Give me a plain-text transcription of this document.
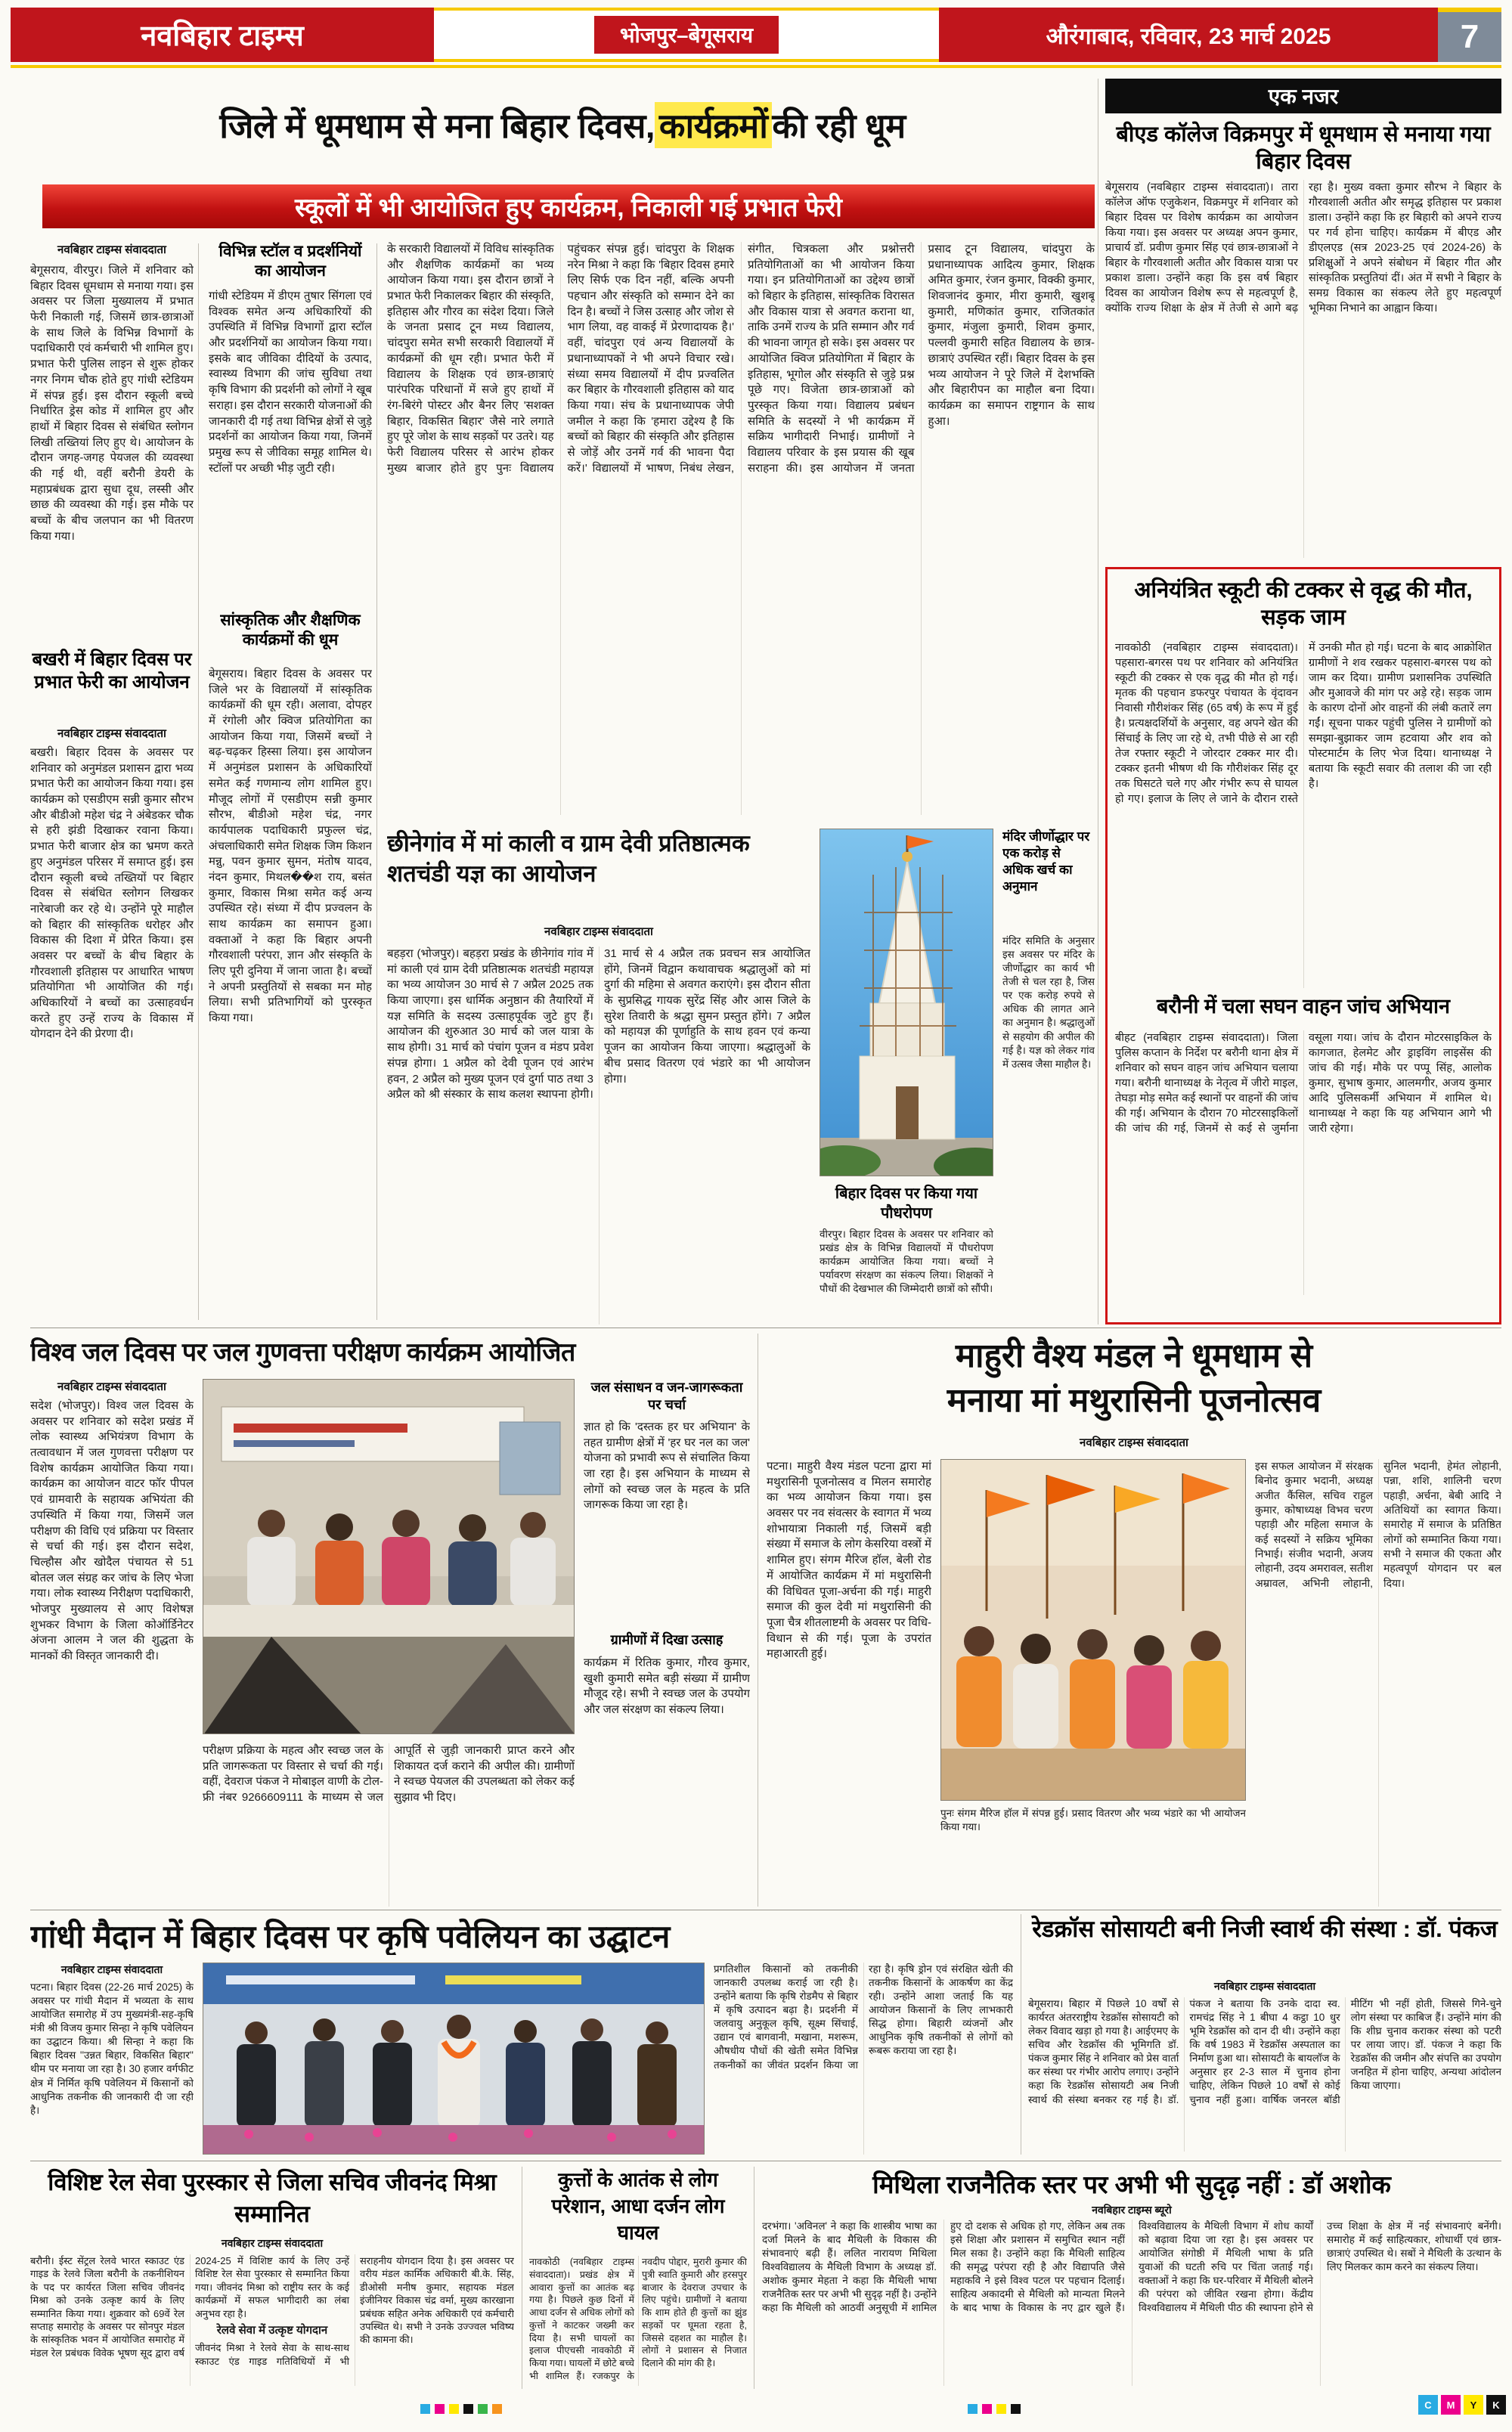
नवबिहार टाइम्स	भोजपुर–बेगूसराय	औरंगाबाद, रविवार, 23 मार्च 2025	7
जिले में धूमधाम से मना बिहार दिवस, कार्यक्रमों की रही धूम
स्कूलों में भी आयोजित हुए कार्यक्रम, निकाली गई प्रभात फेरी
नवबिहार टाइम्स संवाददाता
बेगूसराय, वीरपुर। जिले में शनिवार को बिहार दिवस धूमधाम से मनाया गया। इस अवसर पर जिला मुख्यालय में प्रभात फेरी निकाली गई, जिसमें छात्र-छात्राओं के साथ जिले के विभिन्न विभागों के पदाधिकारी एवं कर्मचारी भी शामिल हुए। प्रभात फेरी पुलिस लाइन से शुरू होकर नगर निगम चौक होते हुए गांधी स्टेडियम में संपन्न हुई। इस दौरान स्कूली बच्चे निर्धारित ड्रेस कोड में शामिल हुए और हाथों में बिहार दिवस से संबंधित स्लोगन लिखी तख्तियां लिए हुए थे। आयोजन के दौरान जगह-जगह पेयजल की व्यवस्था की गई थी, वहीं बरौनी डेयरी के महाप्रबंधक द्वारा सुधा दूध, लस्सी और छाछ की व्यवस्था की गई। इस मौके पर बच्चों के बीच जलपान का भी वितरण किया गया।
बखरी में बिहार दिवस पर प्रभात फेरी का आयोजन
नवबिहार टाइम्स संवाददाता
बखरी। बिहार दिवस के अवसर पर शनिवार को अनुमंडल प्रशासन द्वारा भव्य प्रभात फेरी का आयोजन किया गया। इस कार्यक्रम को एसडीएम सन्नी कुमार सौरभ और बीडीओ महेश चंद्र ने अंबेडकर चौक से हरी झंडी दिखाकर रवाना किया। प्रभात फेरी बाजार क्षेत्र का भ्रमण करते हुए अनुमंडल परिसर में समाप्त हुई। इस दौरान स्कूली बच्चे तख्तियों पर बिहार दिवस से संबंधित स्लोगन लिखकर नारेबाजी कर रहे थे। उन्होंने पूरे माहौल को बिहार की सांस्कृतिक धरोहर और विकास की दिशा में प्रेरित किया। इस अवसर पर बच्चों के बीच बिहार के गौरवशाली इतिहास पर आधारित भाषण प्रतियोगिता भी आयोजित की गई। अधिकारियों ने बच्चों का उत्साहवर्धन करते हुए उन्हें राज्य के विकास में योगदान देने की प्रेरणा दी।
विभिन्न स्टॉल व प्रदर्शनियों का आयोजन
गांधी स्टेडियम में डीएम तुषार सिंगला एवं विश्वक समेत अन्य अधिकारियों की उपस्थिति में विभिन्न विभागों द्वारा स्टॉल और प्रदर्शनियों का आयोजन किया गया। इसके बाद जीविका दीदियों के उत्पाद, स्वास्थ्य विभाग की जांच सुविधा तथा कृषि विभाग की प्रदर्शनी को लोगों ने खूब सराहा। इस दौरान सरकारी योजनाओं की जानकारी दी गई तथा विभिन्न क्षेत्रों से जुड़े प्रदर्शनों का आयोजन किया गया, जिनमें प्रमुख रूप से जीविका समूह शामिल थे। स्टॉलों पर अच्छी भीड़ जुटी रही।
सांस्कृतिक और शैक्षणिक कार्यक्रमों की धूम
बेगूसराय। बिहार दिवस के अवसर पर जिले भर के विद्यालयों में सांस्कृतिक कार्यक्रमों की धूम रही। अलावा, दोपहर में रंगोली और क्विज प्रतियोगिता का आयोजन किया गया, जिसमें बच्चों ने बढ़-चढ़कर हिस्सा लिया। इस आयोजन में अनुमंडल प्रशासन के अधिकारियों समेत कई गणमान्य लोग शामिल हुए। मौजूद लोगों में एसडीएम सन्नी कुमार सौरभ, बीडीओ महेश चंद्र, नगर कार्यपालक पदाधिकारी प्रफुल्ल चंद्र, अंचलाधिकारी समेत शिक्षक जिम किशन मन्नु, पवन कुमार सुमन, मंतोष यादव, नंदन कुमार, मिथल��श राय, बसंत कुमार, विकास मिश्रा समेत कई अन्य उपस्थित रहे। संध्या में दीप प्रज्वलन के साथ कार्यक्रम का समापन हुआ। वक्ताओं ने कहा कि बिहार अपनी गौरवशाली परंपरा, ज्ञान और संस्कृति के लिए पूरी दुनिया में जाना जाता है। बच्चों ने अपनी प्रस्तुतियों से सबका मन मोह लिया। सभी प्रतिभागियों को पुरस्कृत किया गया।
के सरकारी विद्यालयों में विविध सांस्कृतिक और शैक्षणिक कार्यक्रमों का भव्य आयोजन किया गया। इस दौरान छात्रों ने प्रभात फेरी निकालकर बिहार की संस्कृति, इतिहास और गौरव का संदेश दिया। जिले के जनता प्रसाद टून मध्य विद्यालय, चांदपुरा समेत सभी सरकारी विद्यालयों में कार्यक्रमों की धूम रही। प्रभात फेरी में विद्यालय के शिक्षक एवं छात्र-छात्राएं पारंपरिक परिधानों में सजे हुए हाथों में रंग-बिरंगे पोस्टर और बैनर लिए 'सशक्त बिहार, विकसित बिहार' जैसे नारे लगाते हुए पूरे जोश के साथ सड़कों पर उतरे। यह फेरी विद्यालय परिसर से आरंभ होकर मुख्य बाजार होते हुए पुनः विद्यालय पहुंचकर संपन्न हुई। चांदपुरा के शिक्षक नरेन मिश्रा ने कहा कि 'बिहार दिवस हमारे लिए सिर्फ एक दिन नहीं, बल्कि अपनी पहचान और संस्कृति को सम्मान देने का दिन है। बच्चों ने जिस उत्साह और जोश से भाग लिया, वह वाकई में प्रेरणादायक है।' वहीं, चांदपुरा एवं अन्य विद्यालयों के प्रधानाध्यापकों ने भी अपने विचार रखे। संध्या समय विद्यालयों में दीप प्रज्वलित कर बिहार के गौरवशाली इतिहास को याद किया गया। संच के प्रधानाध्यापक जेपी जमील ने कहा कि 'हमारा उद्देश्य है कि बच्चों को बिहार की संस्कृति और इतिहास से जोड़ें और उनमें गर्व की भावना पैदा करें।' विद्यालयों में भाषण, निबंध लेखन, संगीत, चित्रकला और प्रश्नोत्तरी प्रतियोगिताओं का भी आयोजन किया गया। इन प्रतियोगिताओं का उद्देश्य छात्रों को बिहार के इतिहास, सांस्कृतिक विरासत और विकास यात्रा से अवगत कराना था, ताकि उनमें राज्य के प्रति सम्मान और गर्व की भावना जागृत हो सके। इस अवसर पर आयोजित क्विज प्रतियोगिता में बिहार के इतिहास, भूगोल और संस्कृति से जुड़े प्रश्न पूछे गए। विजेता छात्र-छात्राओं को पुरस्कृत किया गया। विद्यालय प्रबंधन समिति के सदस्यों ने भी कार्यक्रम में सक्रिय भागीदारी निभाई। ग्रामीणों ने विद्यालय परिवार के इस प्रयास की खूब सराहना की। इस आयोजन में जनता प्रसाद टून विद्यालय, चांदपुरा के प्रधानाध्यापक आदित्य कुमार, शिक्षक अमित कुमार, रंजन कुमार, विक्की कुमार, शिवजानंद कुमार, मीरा कुमारी, खुशबू कुमारी, मणिकांत कुमार, राजितकांत कुमार, मंजुला कुमारी, शिवम कुमार, पल्लवी कुमारी सहित विद्यालय के छात्र-छात्राएं उपस्थित रहीं। बिहार दिवस के इस भव्य आयोजन ने पूरे जिले में देशभक्ति और बिहारीपन का माहौल बना दिया। कार्यक्रम का समापन राष्ट्रगान के साथ हुआ।
छीनेगांव में मां काली व ग्राम देवी प्रतिष्ठात्मक शतचंडी यज्ञ का आयोजन
नवबिहार टाइम्स संवाददाता
बहड़रा (भोजपुर)। बहड़रा प्रखंड के छीनेगांव गांव में मां काली एवं ग्राम देवी प्रतिष्ठात्मक शतचंडी महायज्ञ का भव्य आयोजन 30 मार्च से 7 अप्रैल 2025 तक किया जाएगा। इस धार्मिक अनुष्ठान की तैयारियों में यज्ञ समिति के सदस्य उत्साहपूर्वक जुटे हुए हैं। आयोजन की शुरुआत 30 मार्च को जल यात्रा के साथ होगी। 31 मार्च को पंचांग पूजन व मंडप प्रवेश संपन्न होगा। 1 अप्रैल को देवी पूजन एवं आरंभ हवन, 2 अप्रैल को मुख्य पूजन एवं दुर्गा पाठ तथा 3 अप्रैल को श्री संस्कार के साथ कलश स्थापना होगी। 31 मार्च से 4 अप्रैल तक प्रवचन सत्र आयोजित होंगे, जिनमें विद्वान कथावाचक श्रद्धालुओं को मां दुर्गा की महिमा से अवगत कराएंगे। इस दौरान सीता के सुप्रसिद्ध गायक सुरेंद्र सिंह और आस जिले के सुरेश तिवारी के श्रद्धा सुमन प्रस्तुत होंगे। 7 अप्रैल को महायज्ञ की पूर्णाहुति के साथ हवन एवं कन्या पूजन का आयोजन किया जाएगा। श्रद्धालुओं के बीच प्रसाद वितरण एवं भंडारे का भी आयोजन होगा।
बिहार दिवस पर किया गया पौधरोपण
वीरपुर। बिहार दिवस के अवसर पर शनिवार को प्रखंड क्षेत्र के विभिन्न विद्यालयों में पौधरोपण कार्यक्रम आयोजित किया गया। बच्चों ने पर्यावरण संरक्षण का संकल्प लिया। शिक्षकों ने पौधों की देखभाल की जिम्मेदारी छात्रों को सौंपी।
मंदिर जीर्णोद्धार पर एक करोड़ से अधिक खर्च का अनुमान
मंदिर समिति के अनुसार इस अवसर पर मंदिर के जीर्णोद्धार का कार्य भी तेजी से चल रहा है, जिस पर एक करोड़ रुपये से अधिक की लागत आने का अनुमान है। श्रद्धालुओं से सहयोग की अपील की गई है। यज्ञ को लेकर गांव में उत्सव जैसा माहौल है।
एक नजर
बीएड कॉलेज विक्रमपुर में धूमधाम से मनाया गया बिहार दिवस
बेगूसराय (नवबिहार टाइम्स संवाददाता)। तारा कॉलेज ऑफ एजुकेशन, विक्रमपुर में शनिवार को बिहार दिवस पर विशेष कार्यक्रम का आयोजन किया गया। इस अवसर पर अध्यक्ष अपन कुमार, प्राचार्य डॉ. प्रवीण कुमार सिंह एवं छात्र-छात्राओं ने बिहार के गौरवशाली अतीत और विकास यात्रा पर प्रकाश डाला। उन्होंने कहा कि इस वर्ष बिहार दिवस का आयोजन विशेष रूप से महत्वपूर्ण है, क्योंकि राज्य शिक्षा के क्षेत्र में तेजी से आगे बढ़ रहा है। मुख्य वक्ता कुमार सौरभ ने बिहार के गौरवशाली अतीत और समृद्ध इतिहास पर प्रकाश डाला। उन्होंने कहा कि हर बिहारी को अपने राज्य पर गर्व होना चाहिए। कार्यक्रम में बीएड और डीएलएड (सत्र 2023-25 एवं 2024-26) के प्रशिक्षुओं ने अपने संबोधन में बिहार गीत और सांस्कृतिक प्रस्तुतियां दीं। अंत में सभी ने बिहार के समग्र विकास का संकल्प लेते हुए महत्वपूर्ण भूमिका निभाने का आह्वान किया।
अनियंत्रित स्कूटी की टक्कर से वृद्ध की मौत, सड़क जाम
नावकोठी (नवबिहार टाइम्स संवाददाता)। पहसारा-बगरस पथ पर शनिवार को अनियंत्रित स्कूटी की टक्कर से एक वृद्ध की मौत हो गई। मृतक की पहचान डफरपुर पंचायत के वृंदावन निवासी गौरीशंकर सिंह (65 वर्ष) के रूप में हुई है। प्रत्यक्षदर्शियों के अनुसार, वह अपने खेत की सिंचाई के लिए जा रहे थे, तभी पीछे से आ रही तेज रफ्तार स्कूटी ने जोरदार टक्कर मार दी। टक्कर इतनी भीषण थी कि गौरीशंकर सिंह दूर तक घिसटते चले गए और गंभीर रूप से घायल हो गए। इलाज के लिए ले जाने के दौरान रास्ते में उनकी मौत हो गई। घटना के बाद आक्रोशित ग्रामीणों ने शव रखकर पहसारा-बगरस पथ को जाम कर दिया। ग्रामीण प्रशासनिक उपस्थिति और मुआवजे की मांग पर अड़े रहे। सड़क जाम के कारण दोनों ओर वाहनों की लंबी कतारें लग गईं। सूचना पाकर पहुंची पुलिस ने ग्रामीणों को समझा-बुझाकर जाम हटवाया और शव को पोस्टमार्टम के लिए भेज दिया। थानाध्यक्ष ने बताया कि स्कूटी सवार की तलाश की जा रही है।
बरौनी में चला सघन वाहन जांच अभियान
बीहट (नवबिहार टाइम्स संवाददाता)। जिला पुलिस कप्तान के निर्देश पर बरौनी थाना क्षेत्र में शनिवार को सघन वाहन जांच अभियान चलाया गया। बरौनी थानाध्यक्ष के नेतृत्व में जीरो माइल, तेघड़ा मोड़ समेत कई स्थानों पर वाहनों की जांच की गई। अभियान के दौरान 70 मोटरसाइकिलों की जांच की गई, जिनमें से कई से जुर्माना वसूला गया। जांच के दौरान मोटरसाइकिल के कागजात, हेलमेट और ड्राइविंग लाइसेंस की जांच की गई। मौके पर पप्पू सिंह, आलोक कुमार, सुभाष कुमार, आलमगीर, अजय कुमार आदि पुलिसकर्मी अभियान में शामिल थे। थानाध्यक्ष ने कहा कि यह अभियान आगे भी जारी रहेगा।
विश्व जल दिवस पर जल गुणवत्ता परीक्षण कार्यक्रम आयोजित
नवबिहार टाइम्स संवाददाता
सदेश (भोजपुर)। विश्व जल दिवस के अवसर पर शनिवार को सदेश प्रखंड में लोक स्वास्थ्य अभियंत्रण विभाग के तत्वावधान में जल गुणवत्ता परीक्षण पर विशेष कार्यक्रम आयोजित किया गया। कार्यक्रम का आयोजन वाटर फॉर पीपल एवं ग्रामवारी के सहायक अभियंता की उपस्थिति में किया गया, जिसमें जल परीक्षण की विधि एवं प्रक्रिया पर विस्तार से चर्चा की गई। इस दौरान सदेश, चिल्हौस और खोदैल पंचायत से 51 बोतल जल संग्रह कर जांच के लिए भेजा गया। लोक स्वास्थ्य निरीक्षण पदाधिकारी, भोजपुर मुख्यालय से आए विशेषज्ञ शुभकर विभाग के जिला कोऑर्डिनेटर अंजना आलम ने जल की शुद्धता के मानकों की विस्तृत जानकारी दी।
परीक्षण प्रक्रिया के महत्व और स्वच्छ जल के प्रति जागरूकता पर विस्तार से चर्चा की गई। वहीं, देवराज पंकज ने मोबाइल वाणी के टोल-फ्री नंबर 9266609111 के माध्यम से जल आपूर्ति से जुड़ी जानकारी प्राप्त करने और शिकायत दर्ज कराने की अपील की। ग्रामीणों ने स्वच्छ पेयजल की उपलब्धता को लेकर कई सुझाव भी दिए।
जल संसाधन व जन-जागरूकता पर चर्चा
ज्ञात हो कि 'दस्तक हर घर अभियान' के तहत ग्रामीण क्षेत्रों में 'हर घर नल का जल' योजना को प्रभावी रूप से संचालित किया जा रहा है। इस अभियान के माध्यम से लोगों को स्वच्छ जल के महत्व के प्रति जागरूक किया जा रहा है।
ग्रामीणों में दिखा उत्साह
कार्यक्रम में रितिक कुमार, गौरव कुमार, खुशी कुमारी समेत बड़ी संख्या में ग्रामीण मौजूद रहे। सभी ने स्वच्छ जल के उपयोग और जल संरक्षण का संकल्प लिया।
माहुरी वैश्य मंडल ने धूमधाम से
मनाया मां मथुरासिनी पूजनोत्सव
नवबिहार टाइम्स संवाददाता
पटना। माहुरी वैश्य मंडल पटना द्वारा मां मथुरासिनी पूजनोत्सव व मिलन समारोह का भव्य आयोजन किया गया। इस अवसर पर नव संवत्सर के स्वागत में भव्य शोभायात्रा निकाली गई, जिसमें बड़ी संख्या में समाज के लोग केसरिया वस्त्रों में शामिल हुए। संगम मैरिज हॉल, बेली रोड में आयोजित कार्यक्रम में मां मथुरासिनी की विधिवत पूजा-अर्चना की गई। माहुरी समाज की कुल देवी मां मथुरासिनी की पूजा चैत्र शीतलाष्टमी के अवसर पर विधि-विधान से की गई। पूजा के उपरांत महाआरती हुई।
पुनः संगम मैरिज हॉल में संपन्न हुई। प्रसाद वितरण और भव्य भंडारे का भी आयोजन किया गया।
इस सफल आयोजन में संरक्षक बिनोद कुमार भदानी, अध्यक्ष अजीत कैंसिल, सचिव राहुल कुमार, कोषाध्यक्ष विभव चरण पहाड़ी और महिला समाज के कई सदस्यों ने सक्रिय भूमिका निभाई। संजीव भदानी, अजय लोहानी, उदय अमरावल, सतीश अम्रावल, अभिनी लोहानी, सुनिल भदानी, हेमंत लोहानी, पन्ना, शशि, शालिनी चरण पहाड़ी, अर्चना, बेबी आदि ने अतिथियों का स्वागत किया। समारोह में समाज के प्रतिष्ठित लोगों को सम्मानित किया गया। सभी ने समाज की एकता और महत्वपूर्ण योगदान पर बल दिया।
गांधी मैदान में बिहार दिवस पर कृषि पवेलियन का उद्घाटन
नवबिहार टाइम्स संवाददाता
पटना। बिहार दिवस (22-26 मार्च 2025) के अवसर पर गांधी मैदान में भव्यता के साथ आयोजित समारोह में उप मुख्यमंत्री-सह-कृषि मंत्री श्री विजय कुमार सिन्हा ने कृषि पवेलियन का उद्घाटन किया। श्री सिन्हा ने कहा कि बिहार दिवस ''उन्नत बिहार, विकसित बिहार'' थीम पर मनाया जा रहा है। 30 हजार वर्गफीट क्षेत्र में निर्मित कृषि पवेलियन में किसानों को आधुनिक तकनीक की जानकारी दी जा रही है।
प्रगतिशील किसानों को तकनीकी जानकारी उपलब्ध कराई जा रही है। उन्होंने बताया कि कृषि रोडमैप से बिहार में कृषि उत्पादन बढ़ा है। प्रदर्शनी में जलवायु अनुकूल कृषि, सूक्ष्म सिंचाई, उद्यान एवं बागवानी, मखाना, मशरूम, औषधीय पौधों की खेती समेत विभिन्न तकनीकों का जीवंत प्रदर्शन किया जा रहा है। कृषि ड्रोन एवं संरक्षित खेती की तकनीक किसानों के आकर्षण का केंद्र रही। उन्होंने आशा जताई कि यह आयोजन किसानों के लिए लाभकारी सिद्ध होगा। बिहारी व्यंजनों और आधुनिक कृषि तकनीकों से लोगों को रूबरू कराया जा रहा है।
रेडक्रॉस सोसायटी बनी निजी स्वार्थ की संस्था : डॉ. पंकज
नवबिहार टाइम्स संवाददाता
बेगूसराय। बिहार में पिछले 10 वर्षों से कार्यरत अंतरराष्ट्रीय रेडक्रॉस सोसायटी को लेकर विवाद खड़ा हो गया है। आईएमए के सचिव और रेडक्रॉस की भूमिगति डॉ. पंकज कुमार सिंह ने शनिवार को प्रेस वार्ता कर संस्था पर गंभीर आरोप लगाए। उन्होंने कहा कि रेडक्रॉस सोसायटी अब निजी स्वार्थ की संस्था बनकर रह गई है। डॉ. पंकज ने बताया कि उनके दादा स्व. रामचंद्र सिंह ने 1 बीघा 4 कट्ठा 10 धुर भूमि रेडक्रॉस को दान दी थी। उन्होंने कहा कि वर्ष 1983 में रेडक्रॉस अस्पताल का निर्माण हुआ था। सोसायटी के बायलॉज के अनुसार हर 2-3 साल में चुनाव होना चाहिए, लेकिन पिछले 10 वर्षों से कोई चुनाव नहीं हुआ। वार्षिक जनरल बॉडी मीटिंग भी नहीं होती, जिससे गिने-चुने लोग संस्था पर काबिज हैं। उन्होंने मांग की कि शीघ्र चुनाव कराकर संस्था को पटरी पर लाया जाए। डॉ. पंकज ने कहा कि रेडक्रॉस की जमीन और संपत्ति का उपयोग जनहित में होना चाहिए, अन्यथा आंदोलन किया जाएगा।
विशिष्ट रेल सेवा पुरस्कार से जिला सचिव जीवनंद मिश्रा सम्मानित
नवबिहार टाइम्स संवाददाता
बरौनी। ईस्ट सेंट्रल रेलवे भारत स्काउट एंड गाइड के रेलवे जिला बरौनी के तकनीशियन के पद पर कार्यरत जिला सचिव जीवनंद मिश्रा को उनके उत्कृष्ट कार्य के लिए सम्मानित किया गया। शुक्रवार को 69वें रेल सप्ताह समारोह के अवसर पर सोनपुर मंडल के सांस्कृतिक भवन में आयोजित समारोह में मंडल रेल प्रबंधक विवेक भूषण सूद द्वारा वर्ष 2024-25 में विशिष्ट कार्य के लिए उन्हें विशिष्ट रेल सेवा पुरस्कार से सम्मानित किया गया। जीवनंद मिश्रा को राष्ट्रीय स्तर के कई कार्यक्रमों में सफल भागीदारी का लंबा अनुभव रहा है।
रेलवे सेवा में उत्कृष्ट योगदान
जीवनंद मिश्रा ने रेलवे सेवा के साथ-साथ स्काउट एंड गाइड गतिविधियों में भी सराहनीय योगदान दिया है। इस अवसर पर वरीय मंडल कार्मिक अधिकारी बी.के. सिंह, डीओसी मनीष कुमार, सहायक मंडल इंजीनियर विकास चंद्र वर्मा, मुख्य कारखाना प्रबंधक सहित अनेक अधिकारी एवं कर्मचारी उपस्थित थे। सभी ने उनके उज्ज्वल भविष्य की कामना की।
कुत्तों के आतंक से लोग परेशान, आधा दर्जन लोग घायल
नावकोठी (नवबिहार टाइम्स संवाददाता)। प्रखंड क्षेत्र में आवारा कुत्तों का आतंक बढ़ गया है। पिछले कुछ दिनों में आधा दर्जन से अधिक लोगों को कुत्तों ने काटकर जख्मी कर दिया है। सभी घायलों का इलाज पीएचसी नावकोठी में किया गया। घायलों में छोटे बच्चे भी शामिल हैं। रजकपुर के नवदीप पोद्दार, मुरारी कुमार की पुत्री स्वाति कुमारी और हरसपुर बाजार के देवराज उपचार के लिए पहुंचे। ग्रामीणों ने बताया कि शाम होते ही कुत्तों का झुंड सड़कों पर घूमता रहता है, जिससे दहशत का माहौल है। लोगों ने प्रशासन से निजात दिलाने की मांग की है।
मिथिला राजनैतिक स्तर पर अभी भी सुदृढ़ नहीं : डॉ अशोक
नवबिहार टाइम्स ब्यूरो
दरभंगा। 'अविनल' ने कहा कि शास्त्रीय भाषा का दर्जा मिलने के बाद मैथिली के विकास की संभावनाएं बढ़ी हैं। ललित नारायण मिथिला विश्वविद्यालय के मैथिली विभाग के अध्यक्ष डॉ. अशोक कुमार मेहता ने कहा कि मैथिली भाषा राजनैतिक स्तर पर अभी भी सुदृढ़ नहीं है। उन्होंने कहा कि मैथिली को आठवीं अनुसूची में शामिल हुए दो दशक से अधिक हो गए, लेकिन अब तक इसे शिक्षा और प्रशासन में समुचित स्थान नहीं मिल सका है। उन्होंने कहा कि मैथिली साहित्य की समृद्ध परंपरा रही है और विद्यापति जैसे महाकवि ने इसे विश्व पटल पर पहचान दिलाई। साहित्य अकादमी से मैथिली को मान्यता मिलने के बाद भाषा के विकास के नए द्वार खुले हैं। विश्वविद्यालय के मैथिली विभाग में शोध कार्यों को बढ़ावा दिया जा रहा है। इस अवसर पर आयोजित संगोष्ठी में मैथिली भाषा के प्रति युवाओं की घटती रुचि पर चिंता जताई गई। वक्ताओं ने कहा कि घर-परिवार में मैथिली बोलने की परंपरा को जीवित रखना होगा। केंद्रीय विश्वविद्यालय में मैथिली पीठ की स्थापना होने से उच्च शिक्षा के क्षेत्र में नई संभावनाएं बनेंगी। समारोह में कई साहित्यकार, शोधार्थी एवं छात्र-छात्राएं उपस्थित थे। सबों ने मैथिली के उत्थान के लिए मिलकर काम करने का संकल्प लिया।
C	M	Y	K
